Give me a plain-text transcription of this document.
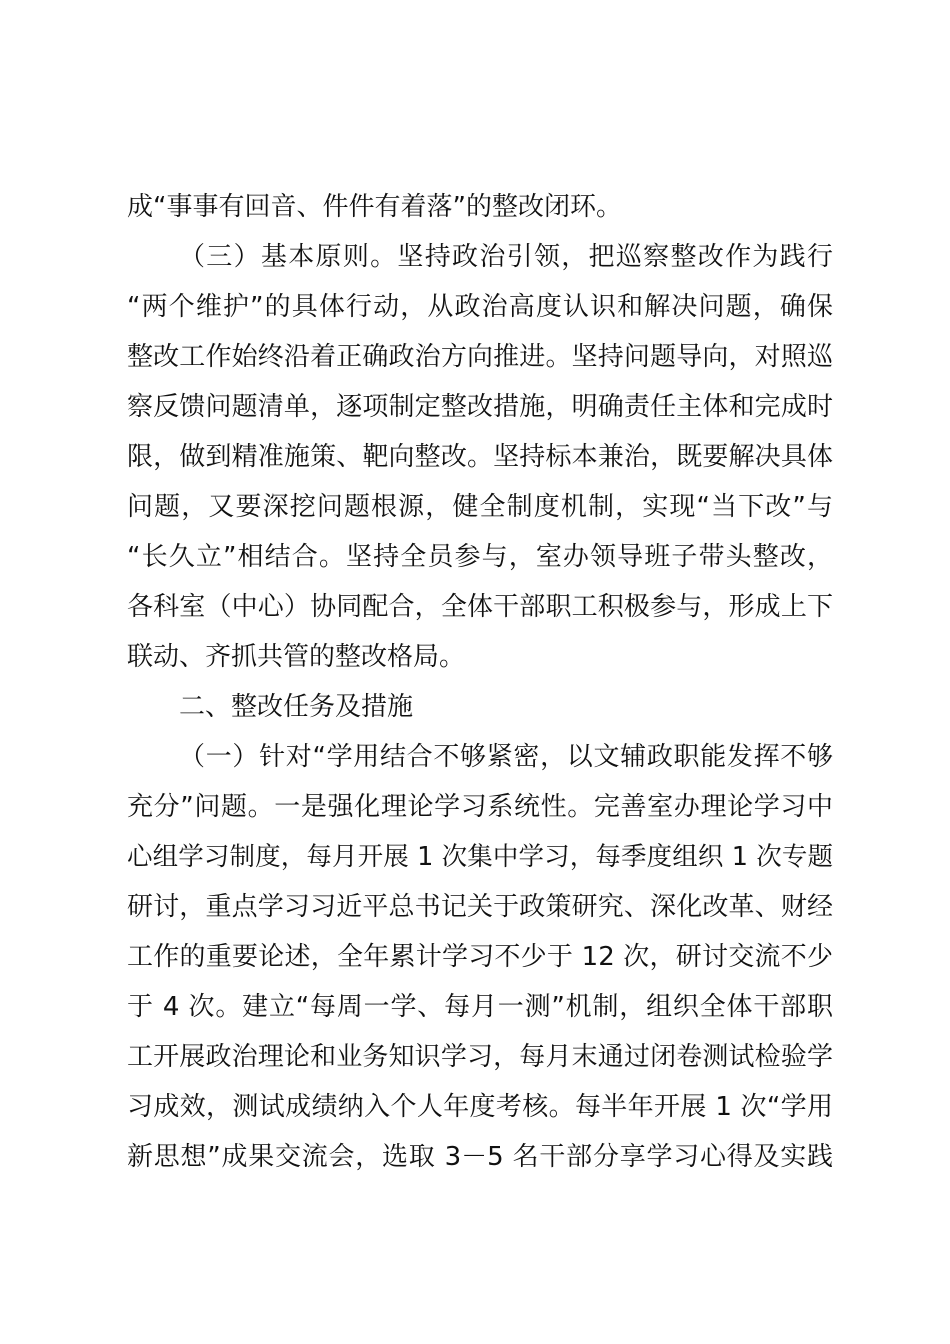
成“事事有回音、件件有着落”的整改闭环。
（三）基本原则。坚持政治引领，把巡察整改作为践行
“两个维护”的具体行动，从政治高度认识和解决问题，确保
整改工作始终沿着正确政治方向推进。坚持问题导向，对照巡
察反馈问题清单，逐项制定整改措施，明确责任主体和完成时
限，做到精准施策、靶向整改。坚持标本兼治，既要解决具体
问题，又要深挖问题根源，健全制度机制，实现“当下改”与
“长久立”相结合。坚持全员参与，室办领导班子带头整改，
各科室（中心）协同配合，全体干部职工积极参与，形成上下
联动、齐抓共管的整改格局。
二、整改任务及措施
（一）针对“学用结合不够紧密，以文辅政职能发挥不够
充分”问题。一是强化理论学习系统性。完善室办理论学习中
心组学习制度，每月开展 1 次集中学习，每季度组织 1 次专题
研讨，重点学习习近平总书记关于政策研究、深化改革、财经
工作的重要论述，全年累计学习不少于 12 次，研讨交流不少
于 4 次。建立“每周一学、每月一测”机制，组织全体干部职
工开展政治理论和业务知识学习，每月末通过闭卷测试检验学
习成效，测试成绩纳入个人年度考核。每半年开展 1 次“学用
新思想”成果交流会，选取 3－5 名干部分享学习心得及实践
